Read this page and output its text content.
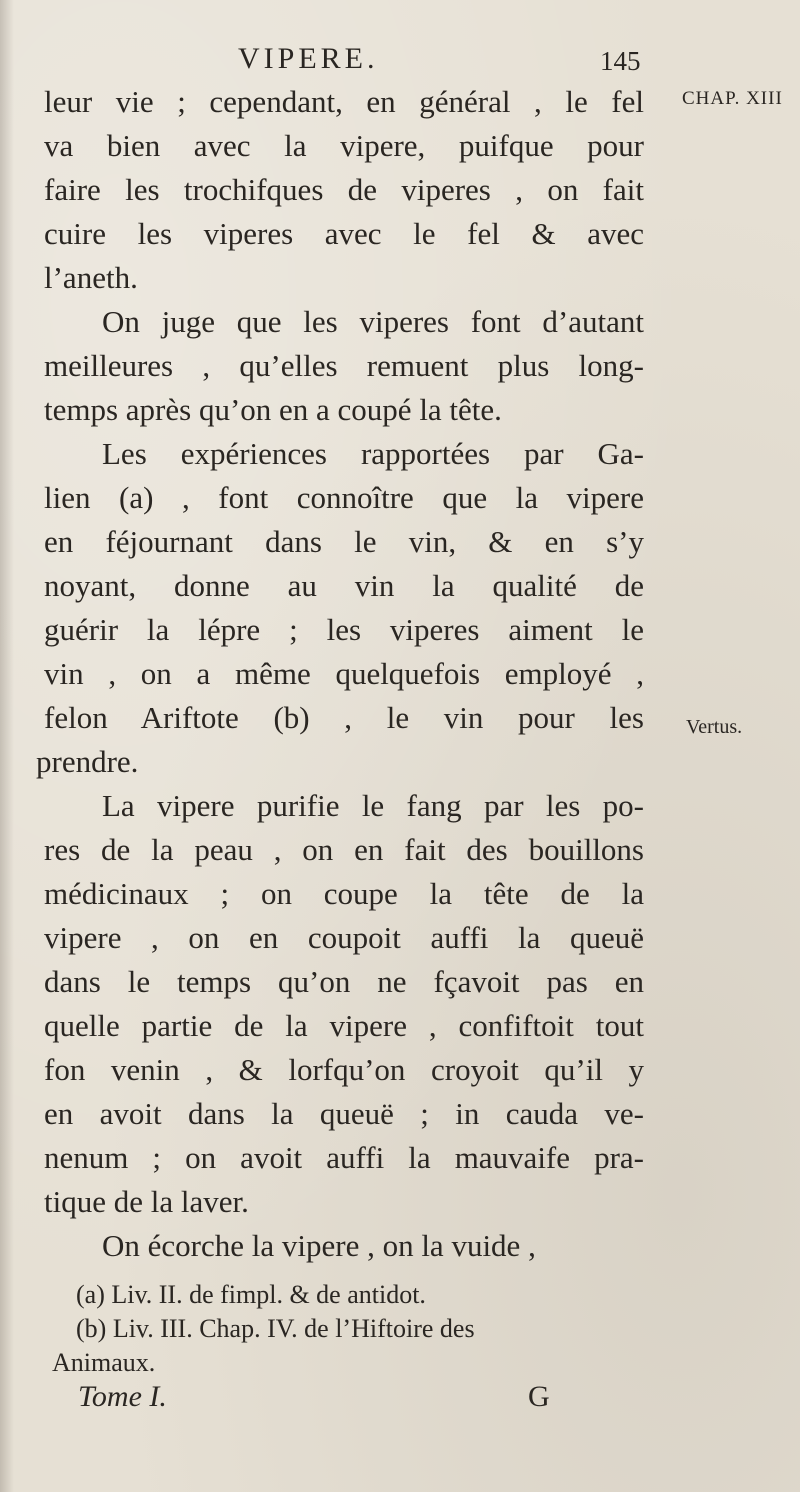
VIPERE.	145
CHAP. XIII
Vertus.
leur vie ; cependant, en général , le fel
va bien avec la vipere, puifque pour
faire les trochifques de viperes , on fait
cuire les viperes avec le fel & avec
l’aneth.
On juge que les viperes font d’autant
meilleures , qu’elles remuent plus long-
temps après qu’on en a coupé la tête.
Les expériences rapportées par Ga-
lien (a) , font connoître que la vipere
en féjournant dans le vin, & en s’y
noyant, donne au vin la qualité de
guérir la lépre ; les viperes aiment le
vin , on a même quelquefois employé ,
felon Ariftote (b) , le vin pour les
prendre.
La vipere purifie le fang par les po-
res de la peau , on en fait des bouillons
médicinaux ; on coupe la tête de la
vipere , on en coupoit auffi la queuë
dans le temps qu’on ne fçavoit pas en
quelle partie de la vipere , confiftoit tout
fon venin , & lorfqu’on croyoit qu’il y
en avoit dans la queuë ; in cauda ve-
nenum ; on avoit auffi la mauvaife pra-
tique de la laver.
On écorche la vipere , on la vuide ,
(a) Liv. II. de fimpl. & de antidot.
(b) Liv. III. Chap. IV. de l’Hiftoire des
Animaux.
Tome I.	G
